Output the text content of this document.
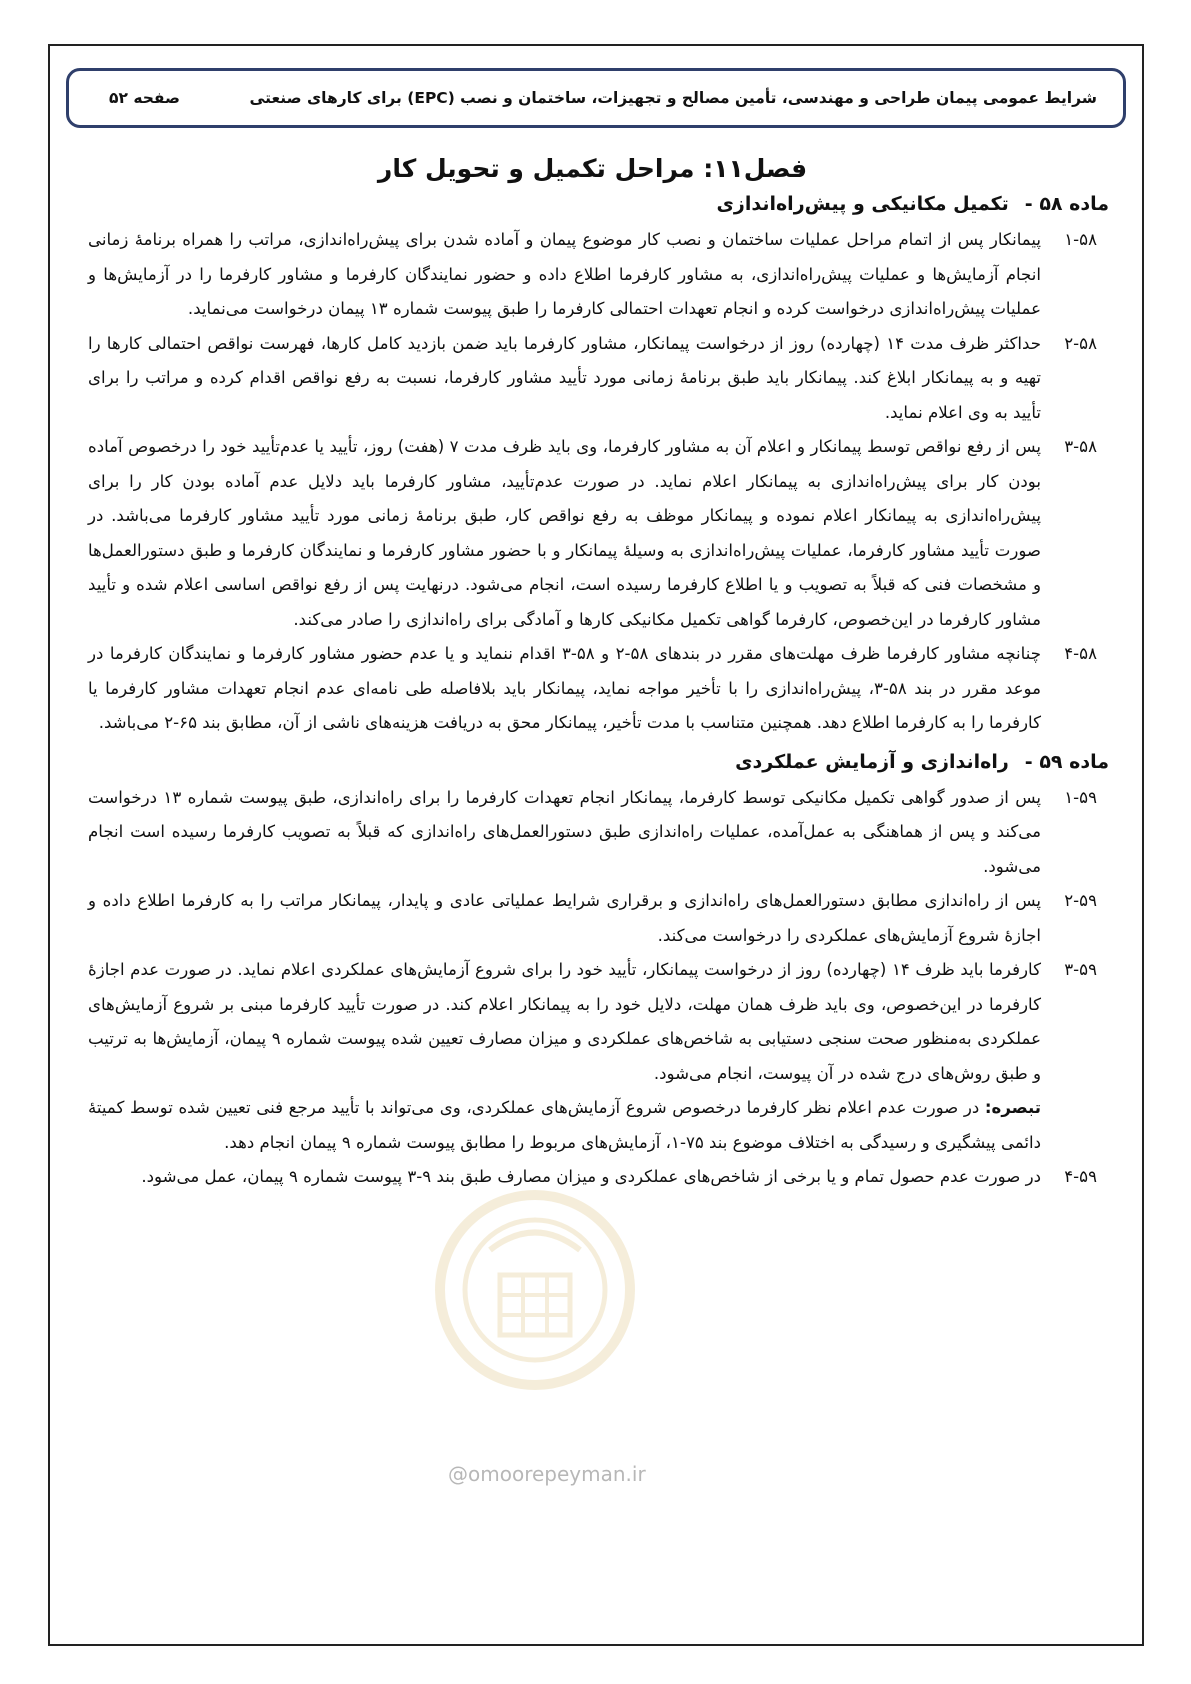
شرایط عمومی پیمان طراحی و مهندسی، تأمین مصالح و تجهیزات، ساختمان و نصب (EPC) برای کارهای صنعتی
صفحه ۵۲
@omoorepeyman.ir
فصل۱۱: مراحل تکمیل و تحویل کار
ماده ۵۸ -
تکمیل مکانیکی و پیش‌راه‌اندازی
۱-۵۸
پیمانکار پس از اتمام مراحل عملیات ساختمان و نصب کار موضوع پیمان و آماده شدن برای پیش‌راه‌اندازی، مراتب را همراه برنامهٔ زمانی انجام آزمایش‌ها و عملیات پیش‌راه‌اندازی، به مشاور کارفرما اطلاع داده و حضور نمایندگان کارفرما و مشاور کارفرما را در آزمایش‌ها و عملیات پیش‌راه‌اندازی درخواست کرده و انجام تعهدات احتمالی کارفرما را طبق پیوست شماره ۱۳ پیمان درخواست می‌نماید.
۲-۵۸
حداکثر ظرف مدت ۱۴ (چهارده) روز از درخواست پیمانکار، مشاور کارفرما باید ضمن بازدید کامل کارها، فهرست نواقص احتمالی کارها را تهیه و به پیمانکار ابلاغ کند. پیمانکار باید طبق برنامهٔ زمانی مورد تأیید مشاور کارفرما، نسبت به رفع نواقص اقدام کرده و مراتب را برای تأیید به وی اعلام نماید.
۳-۵۸
پس از رفع نواقص توسط پیمانکار و اعلام آن به مشاور کارفرما، وی باید ظرف مدت ۷ (هفت) روز، تأیید یا عدم‌تأیید خود را درخصوص آماده بودن کار برای پیش‌راه‌اندازی به پیمانکار اعلام نماید. در صورت عدم‌تأیید، مشاور کارفرما باید دلایل عدم آماده بودن کار را برای پیش‌راه‌اندازی به پیمانکار اعلام نموده و پیمانکار موظف به رفع نواقص کار، طبق برنامهٔ زمانی مورد تأیید مشاور کارفرما می‌باشد. در صورت تأیید مشاور کارفرما، عملیات پیش‌راه‌اندازی به وسیلهٔ پیمانکار و با حضور مشاور کارفرما و نمایندگان کارفرما و طبق دستورالعمل‌ها و مشخصات فنی که قبلاً به تصویب و یا اطلاع کارفرما رسیده است، انجام می‌شود. درنهایت پس از رفع نواقص اساسی اعلام شده و تأیید مشاور کارفرما در این‌خصوص، کارفرما گواهی تکمیل مکانیکی کارها و آمادگی برای راه‌اندازی را صادر می‌کند.
۴-۵۸
چنانچه مشاور کارفرما ظرف مهلت‌های مقرر در بندهای ۵۸-۲ و ۵۸-۳ اقدام ننماید و یا عدم حضور مشاور کارفرما و نمایندگان کارفرما در موعد مقرر در بند ۵۸-۳، پیش‌راه‌اندازی را با تأخیر مواجه نماید، پیمانکار باید بلافاصله طی نامه‌ای عدم انجام تعهدات مشاور کارفرما یا کارفرما را به کارفرما اطلاع دهد. همچنین متناسب با مدت تأخیر، پیمانکار محق به دریافت هزینه‌های ناشی از آن، مطابق بند ۶۵-۲ می‌باشد.
ماده ۵۹ -
راه‌اندازی و آزمایش عملکردی
۱-۵۹
پس از صدور گواهی تکمیل مکانیکی توسط کارفرما، پیمانکار انجام تعهدات کارفرما را برای راه‌اندازی، طبق پیوست شماره ۱۳ درخواست می‌کند و پس از هماهنگی به عمل‌آمده، عملیات راه‌اندازی طبق دستورالعمل‌های راه‌اندازی که قبلاً به تصویب کارفرما رسیده است انجام می‌شود.
۲-۵۹
پس از راه‌اندازی مطابق دستورالعمل‌های راه‌اندازی و برقراری شرایط عملیاتی عادی و پایدار، پیمانکار مراتب را به کارفرما اطلاع داده و اجازهٔ شروع آزمایش‌های عملکردی را درخواست می‌کند.
۳-۵۹
کارفرما باید ظرف ۱۴ (چهارده) روز از درخواست پیمانکار، تأیید خود را برای شروع آزمایش‌های عملکردی اعلام نماید. در صورت عدم اجازهٔ کارفرما در این‌خصوص، وی باید ظرف همان مهلت، دلایل خود را به پیمانکار اعلام کند. در صورت تأیید کارفرما مبنی بر شروع آزمایش‌های عملکردی به‌منظور صحت سنجی دستیابی به شاخص‌های عملکردی و میزان مصارف تعیین شده پیوست شماره ۹ پیمان، آزمایش‌ها به ترتیب و طبق روش‌های درج شده در آن پیوست، انجام می‌شود.
تبصره: در صورت عدم اعلام نظر کارفرما درخصوص شروع آزمایش‌های عملکردی، وی می‌تواند با تأیید مرجع فنی تعیین شده توسط کمیتهٔ دائمی پیشگیری و رسیدگی به اختلاف موضوع بند ۷۵-۱، آزمایش‌های مربوط را مطابق پیوست شماره ۹ پیمان انجام دهد.
۴-۵۹
در صورت عدم حصول تمام و یا برخی از شاخص‌های عملکردی و میزان مصارف طبق بند ۹-۳ پیوست شماره ۹ پیمان، عمل می‌شود.
